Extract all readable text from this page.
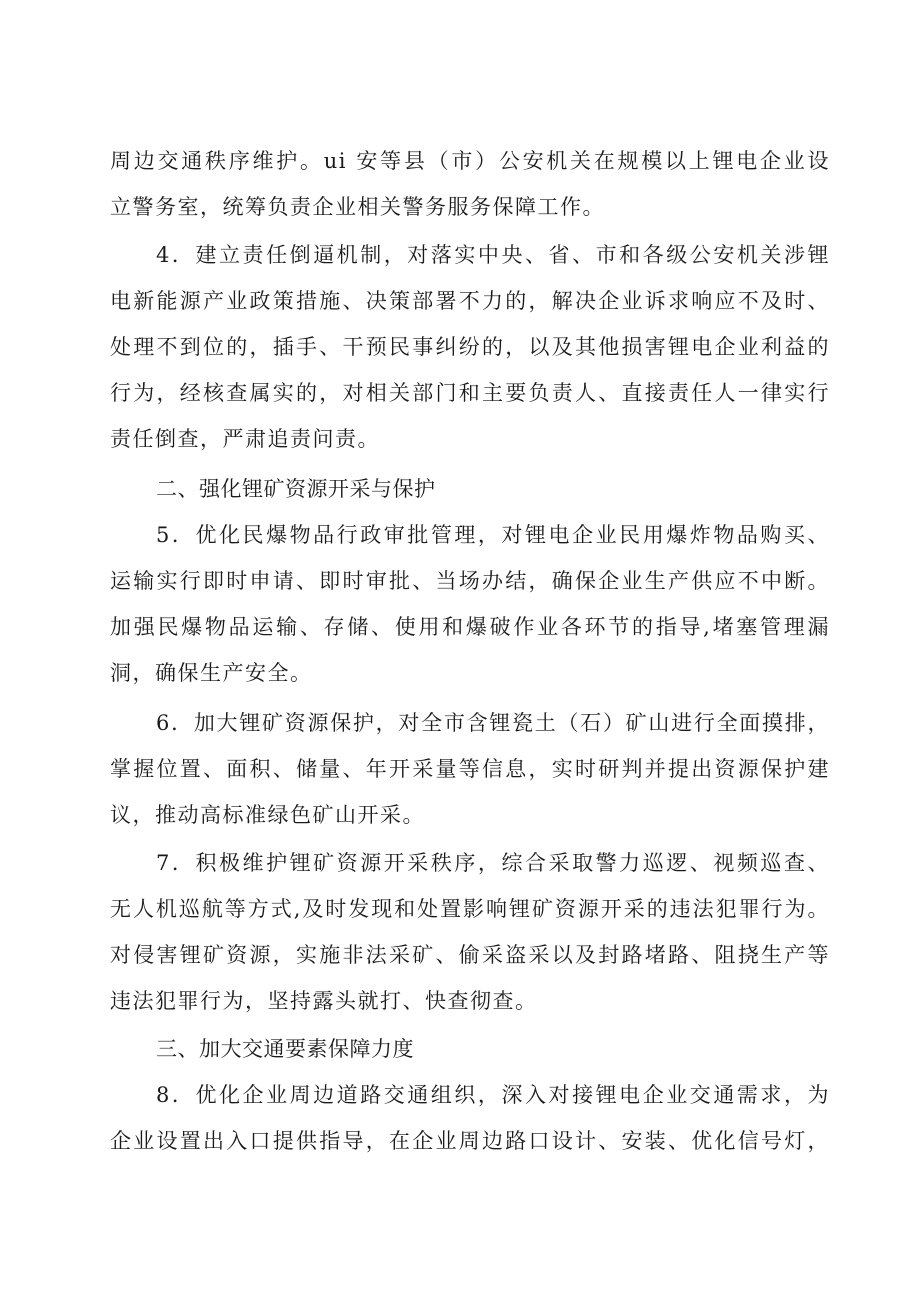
周边交通秩序维护。ui 安等县（市）公安机关在规模以上锂电企业设
立警务室，统筹负责企业相关警务服务保障工作。
4．建立责任倒逼机制，对落实中央、省、市和各级公安机关涉锂
电新能源产业政策措施、决策部署不力的，解决企业诉求响应不及时、
处理不到位的，插手、干预民事纠纷的，以及其他损害锂电企业利益的
行为，经核查属实的，对相关部门和主要负责人、直接责任人一律实行
责任倒查，严肃追责问责。
二、强化锂矿资源开采与保护
5．优化民爆物品行政审批管理，对锂电企业民用爆炸物品购买、
运输实行即时申请、即时审批、当场办结，确保企业生产供应不中断。
加强民爆物品运输、存储、使用和爆破作业各环节的指导,堵塞管理漏
洞，确保生产安全。
6．加大锂矿资源保护，对全市含锂瓷土（石）矿山进行全面摸排，
掌握位置、面积、储量、年开采量等信息，实时研判并提出资源保护建
议，推动高标准绿色矿山开采。
7．积极维护锂矿资源开采秩序，综合采取警力巡逻、视频巡查、
无人机巡航等方式,及时发现和处置影响锂矿资源开采的违法犯罪行为。
对侵害锂矿资源，实施非法采矿、偷采盗采以及封路堵路、阻挠生产等
违法犯罪行为，坚持露头就打、快查彻查。
三、加大交通要素保障力度
8．优化企业周边道路交通组织，深入对接锂电企业交通需求，为
企业设置出入口提供指导，在企业周边路口设计、安装、优化信号灯，
